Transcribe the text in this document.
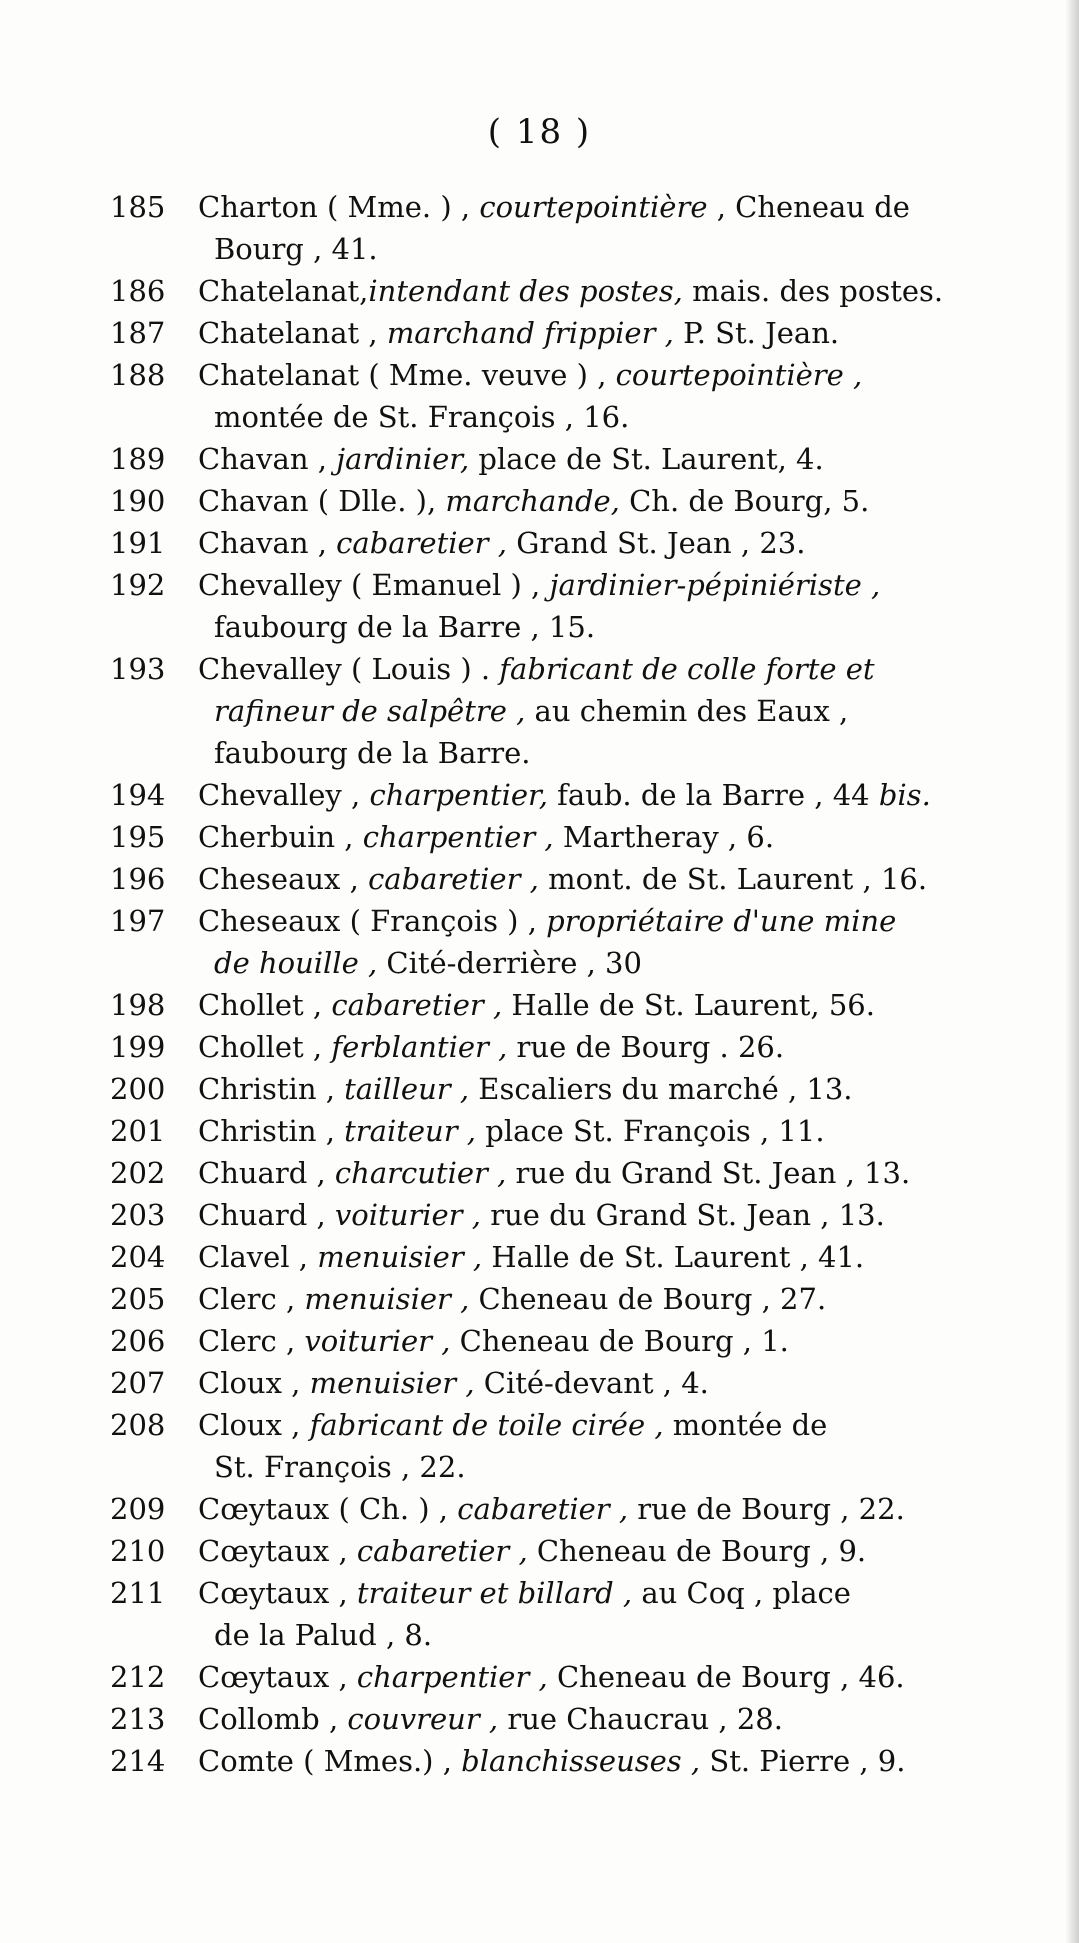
( 18 )

185	Charton ( Mme. ) , courtepointière , Cheneau de
Bourg , 41.
186	Chatelanat,intendant des postes, mais. des postes.
187	Chatelanat , marchand frippier , P. St. Jean.
188	Chatelanat ( Mme. veuve ) , courtepointière ,
montée de St. François , 16.
189	Chavan , jardinier, place de St. Laurent, 4.
190	Chavan ( Dlle. ), marchande, Ch. de Bourg, 5.
191	Chavan , cabaretier , Grand St. Jean , 23.
192	Chevalley ( Emanuel ) , jardinier-pépiniériste ,
faubourg de la Barre , 15.
193	Chevalley ( Louis ) . fabricant de colle forte et
rafineur de salpêtre , au chemin des Eaux ,
faubourg de la Barre.
194	Chevalley , charpentier, faub. de la Barre , 44 bis.
195	Cherbuin , charpentier , Martheray , 6.
196	Cheseaux , cabaretier , mont. de St. Laurent , 16.
197	Cheseaux ( François ) , propriétaire d'une mine
de houille , Cité-derrière , 30
198	Chollet , cabaretier , Halle de St. Laurent, 56.
199	Chollet , ferblantier , rue de Bourg . 26.
200	Christin , tailleur , Escaliers du marché , 13.
201	Christin , traiteur , place St. François , 11.
202	Chuard , charcutier , rue du Grand St. Jean , 13.
203	Chuard , voiturier , rue du Grand St. Jean , 13.
204	Clavel , menuisier , Halle de St. Laurent , 41.
205	Clerc , menuisier , Cheneau de Bourg , 27.
206	Clerc , voiturier , Cheneau de Bourg , 1.
207	Cloux , menuisier , Cité-devant , 4.
208	Cloux , fabricant de toile cirée , montée de
St. François , 22.
209	Cœytaux ( Ch. ) , cabaretier , rue de Bourg , 22.
210	Cœytaux , cabaretier , Cheneau de Bourg , 9.
211	Cœytaux , traiteur et billard , au Coq , place
de la Palud , 8.
212	Cœytaux , charpentier , Cheneau de Bourg , 46.
213	Collomb , couvreur , rue Chaucrau , 28.
214	Comte ( Mmes.) , blanchisseuses , St. Pierre , 9.
